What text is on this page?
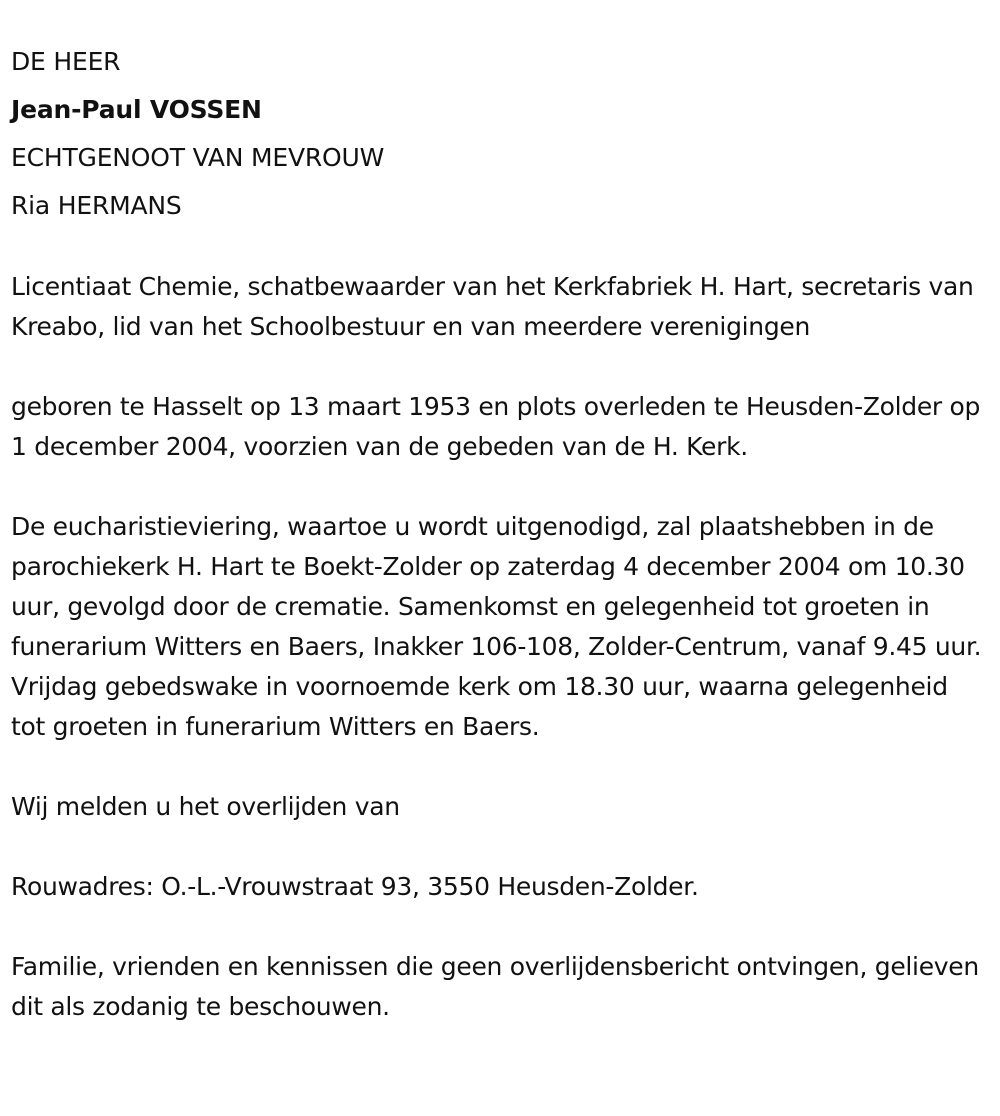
DE HEER
Jean-Paul VOSSEN
ECHTGENOOT VAN MEVROUW
Ria HERMANS

Licentiaat Chemie, schatbewaarder van het Kerkfabriek H. Hart, secretaris van Kreabo, lid van het Schoolbestuur en van meerdere verenigingen

geboren te Hasselt op 13 maart 1953 en plots overleden te Heusden-Zolder op 1 december 2004, voorzien van de gebeden van de H. Kerk.

De eucharistieviering, waartoe u wordt uitgenodigd, zal plaatshebben in de parochiekerk H. Hart te Boekt-Zolder op zaterdag 4 december 2004 om 10.30 uur, gevolgd door de crematie. Samenkomst en gelegenheid tot groeten in funerarium Witters en Baers, Inakker 106-108, Zolder-Centrum, vanaf 9.45 uur. Vrijdag gebedswake in voornoemde kerk om 18.30 uur, waarna gelegenheid tot groeten in funerarium Witters en Baers.

Wij melden u het overlijden van

Rouwadres: O.-L.-Vrouwstraat 93, 3550 Heusden-Zolder.

Familie, vrienden en kennissen die geen overlijdensbericht ontvingen, gelieven dit als zodanig te beschouwen.
